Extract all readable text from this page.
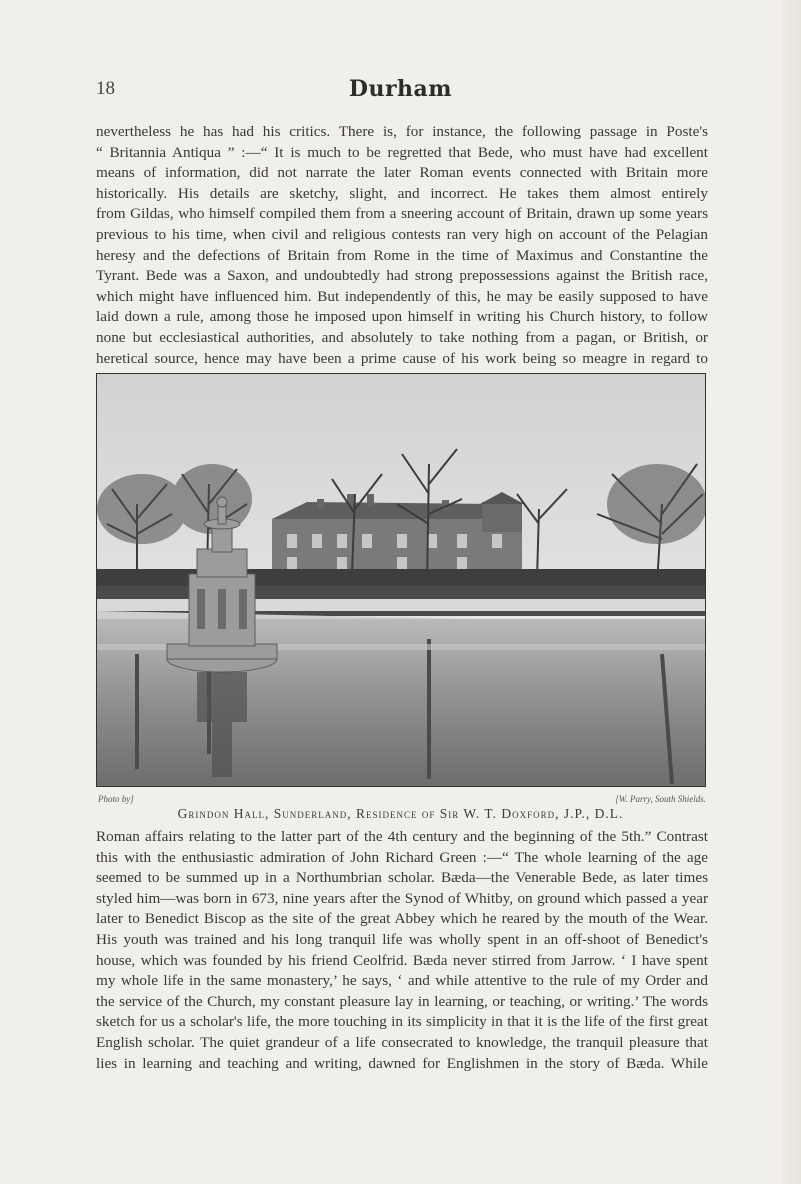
18	Durham
nevertheless he has had his critics. There is, for instance, the following passage in Poste's
“ Britannia Antiqua ” :—“ It is much to be regretted that Bede, who must have had excellent
means of information, did not narrate the later Roman events connected with Britain more
historically. His details are sketchy, slight, and incorrect. He takes them almost entirely
from Gildas, who himself compiled them from a sneering account of Britain, drawn up some years
previous to his time, when civil and religious contests ran very high on account of the Pelagian
heresy and the defections of Britain from Rome in the time of Maximus and Constantine the
Tyrant. Bede was a Saxon, and undoubtedly had strong prepossessions against the British race,
which might have influenced him. But independently of this, he may be easily supposed to have
laid down a rule, among those he imposed upon himself in writing his Church history, to follow
none but ecclesiastical authorities, and absolutely to take nothing from a pagan, or British, or
heretical source, hence may have been a prime cause of his work being so meagre in regard to
Photo by]	[W. Parry, South Shields.
Grindon Hall, Sunderland, Residence of Sir W. T. Doxford, J.P., D.L.
Roman affairs relating to the latter part of the 4th century and the beginning of the 5th.” Contrast
this with the enthusiastic admiration of John Richard Green :—“ The whole learning of the age
seemed to be summed up in a Northumbrian scholar. Bæda—the Venerable Bede, as later times
styled him—was born in 673, nine years after the Synod of Whitby, on ground which passed a year
later to Benedict Biscop as the site of the great Abbey which he reared by the mouth of the Wear.
His youth was trained and his long tranquil life was wholly spent in an off-shoot of Benedict's
house, which was founded by his friend Ceolfrid. Bæda never stirred from Jarrow. ‘ I have spent
my whole life in the same monastery,’ he says, ‘ and while attentive to the rule of my Order and
the service of the Church, my constant pleasure lay in learning, or teaching, or writing.’ The words
sketch for us a scholar's life, the more touching in its simplicity in that it is the life of the first great
English scholar. The quiet grandeur of a life consecrated to knowledge, the tranquil pleasure that
lies in learning and teaching and writing, dawned for Englishmen in the story of Bæda. While
